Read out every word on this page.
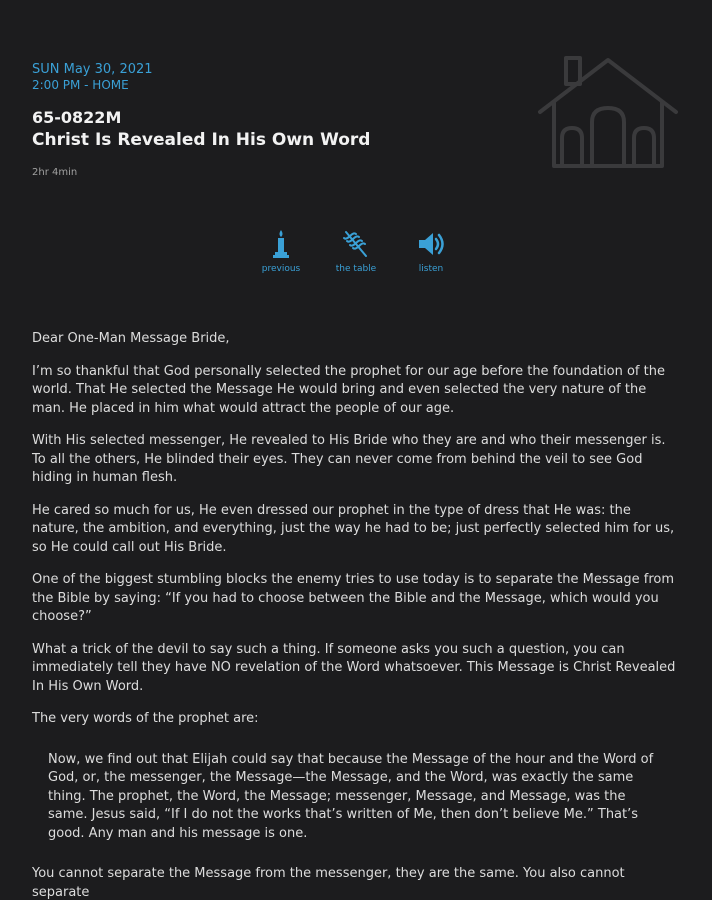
SUN May 30, 2021
2:00 PM - HOME
65-0822M
Christ Is Revealed In His Own Word
2hr 4min
previous	the table	listen

Dear One-Man Message Bride,

I’m so thankful that God personally selected the prophet for our age before the foundation of the world. That He selected the Message He would bring and even selected the very nature of the man. He placed in him what would attract the people of our age.

With His selected messenger, He revealed to His Bride who they are and who their messenger is. To all the others, He blinded their eyes. They can never come from behind the veil to see God hiding in human flesh.

He cared so much for us, He even dressed our prophet in the type of dress that He was: the nature, the ambition, and everything, just the way he had to be; just perfectly selected him for us, so He could call out His Bride.

One of the biggest stumbling blocks the enemy tries to use today is to separate the Message from the Bible by saying: “If you had to choose between the Bible and the Message, which would you choose?”

What a trick of the devil to say such a thing. If someone asks you such a question, you can immediately tell they have NO revelation of the Word whatsoever. This Message is Christ Revealed In His Own Word.

The very words of the prophet are:

Now, we find out that Elijah could say that because the Message of the hour and the Word of God, or, the messenger, the Message—the Message, and the Word, was exactly the same thing. The prophet, the Word, the Message; messenger, Message, and Message, was the same. Jesus said, “If I do not the works that’s written of Me, then don’t believe Me.” That’s good. Any man and his message is one.

You cannot separate the Message from the messenger, they are the same. You also cannot separate
